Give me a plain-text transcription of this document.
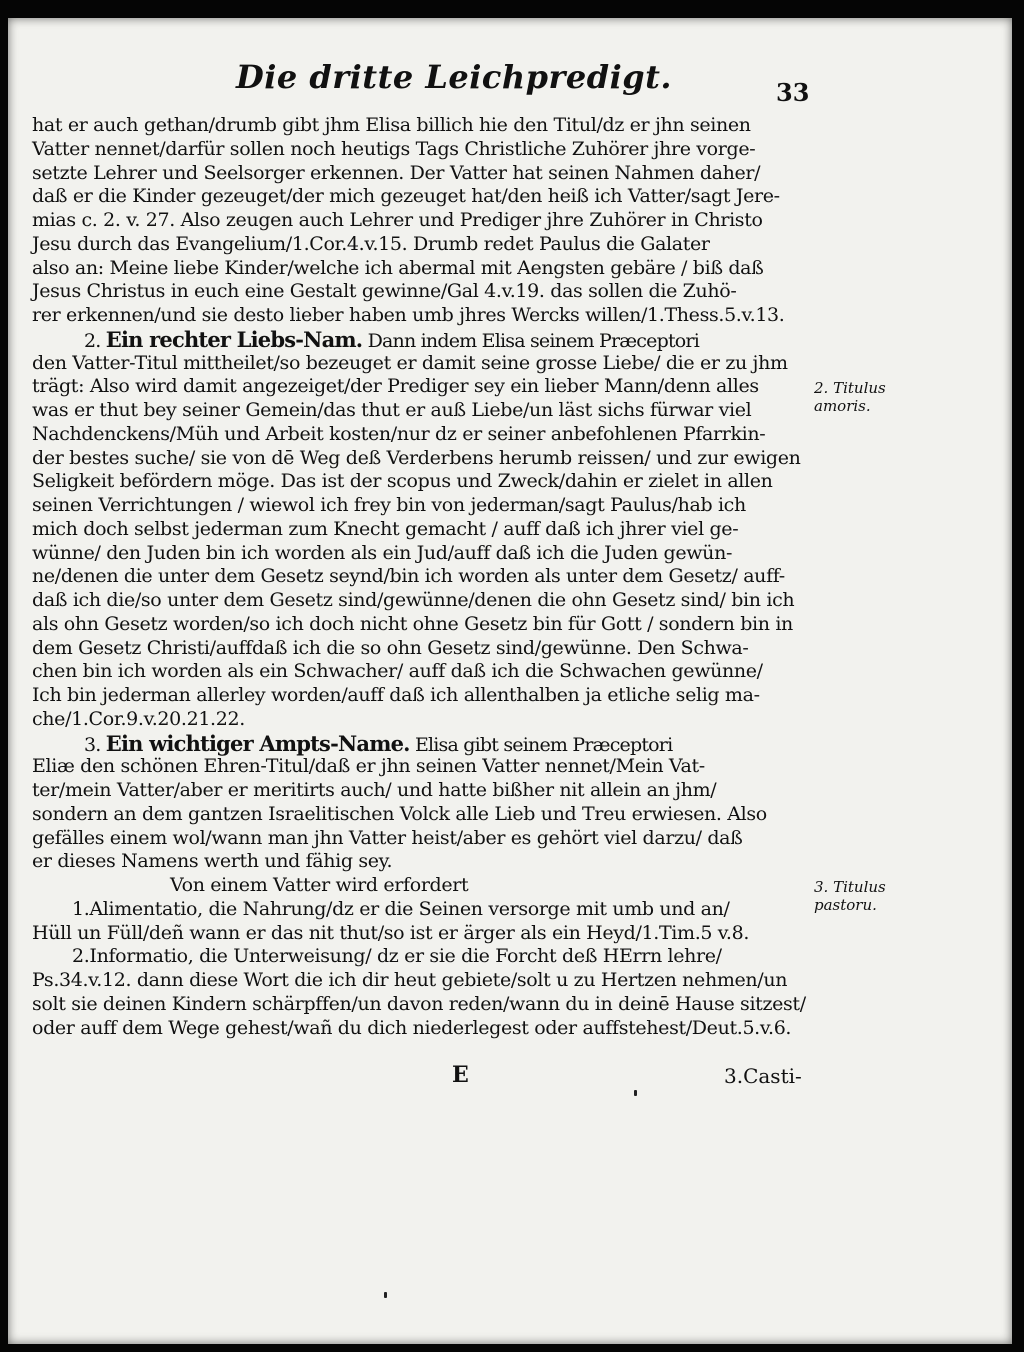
Die dritte Leichpredigt.	33
hat er auch gethan/drumb gibt jhm Elisa billich hie den Titul/dz er jhn seinen
Vatter nennet/darfür sollen noch heutigs Tags Christliche Zuhörer jhre vorge-
setzte Lehrer und Seelsorger erkennen. Der Vatter hat seinen Nahmen daher/
daß er die Kinder gezeuget/der mich gezeuget hat/den heiß ich Vatter/sagt Jere-
mias c. 2. v. 27. Also zeugen auch Lehrer und Prediger jhre Zuhörer in Christo
Jesu durch das Evangelium/1.Cor.4.v.15. Drumb redet Paulus die Galater
also an: Meine liebe Kinder/welche ich abermal mit Aengsten gebäre / biß daß
Jesus Christus in euch eine Gestalt gewinne/Gal 4.v.19. das sollen die Zuhö-
rer erkennen/und sie desto lieber haben umb jhres Wercks willen/1.Thess.5.v.13.
2. Ein rechter Liebs-Nam. Dann indem Elisa seinem Præceptori
den Vatter-Titul mittheilet/so bezeuget er damit seine grosse Liebe/ die er zu jhm
trägt: Also wird damit angezeiget/der Prediger sey ein lieber Mann/denn alles
was er thut bey seiner Gemein/das thut er auß Liebe/un läst sichs fürwar viel
Nachdenckens/Müh und Arbeit kosten/nur dz er seiner anbefohlenen Pfarrkin-
der bestes suche/ sie von dē Weg deß Verderbens herumb reissen/ und zur ewigen
Seligkeit befördern möge. Das ist der scopus und Zweck/dahin er zielet in allen
seinen Verrichtungen / wiewol ich frey bin von jederman/sagt Paulus/hab ich
mich doch selbst jederman zum Knecht gemacht / auff daß ich jhrer viel ge-
wünne/ den Juden bin ich worden als ein Jud/auff daß ich die Juden gewün-
ne/denen die unter dem Gesetz seynd/bin ich worden als unter dem Gesetz/ auff-
daß ich die/so unter dem Gesetz sind/gewünne/denen die ohn Gesetz sind/ bin ich
als ohn Gesetz worden/so ich doch nicht ohne Gesetz bin für Gott / sondern bin in
dem Gesetz Christi/auffdaß ich die so ohn Gesetz sind/gewünne. Den Schwa-
chen bin ich worden als ein Schwacher/ auff daß ich die Schwachen gewünne/
Ich bin jederman allerley worden/auff daß ich allenthalben ja etliche selig ma-
che/1.Cor.9.v.20.21.22.
3. Ein wichtiger Ampts-Name. Elisa gibt seinem Præceptori
Eliæ den schönen Ehren-Titul/daß er jhn seinen Vatter nennet/Mein Vat-
ter/mein Vatter/aber er meritirts auch/ und hatte bißher nit allein an jhm/
sondern an dem gantzen Israelitischen Volck alle Lieb und Treu erwiesen. Also
gefälles einem wol/wann man jhn Vatter heist/aber es gehört viel darzu/ daß
er dieses Namens werth und fähig sey.
Von einem Vatter wird erfordert
1.Alimentatio, die Nahrung/dz er die Seinen versorge mit umb und an/
Hüll un Füll/deñ wann er das nit thut/so ist er ärger als ein Heyd/1.Tim.5 v.8.
2.Informatio, die Unterweisung/ dz er sie die Forcht deß HErrn lehre/
Ps.34.v.12. dann diese Wort die ich dir heut gebiete/solt u zu Hertzen nehmen/un
solt sie deinen Kindern schärpffen/un davon reden/wann du in deinē Hause sitzest/
oder auff dem Wege gehest/wañ du dich niederlegest oder auffstehest/Deut.5.v.6.
2. Titulus
amoris.
3. Titulus
pastoru.
E	3.Casti-
